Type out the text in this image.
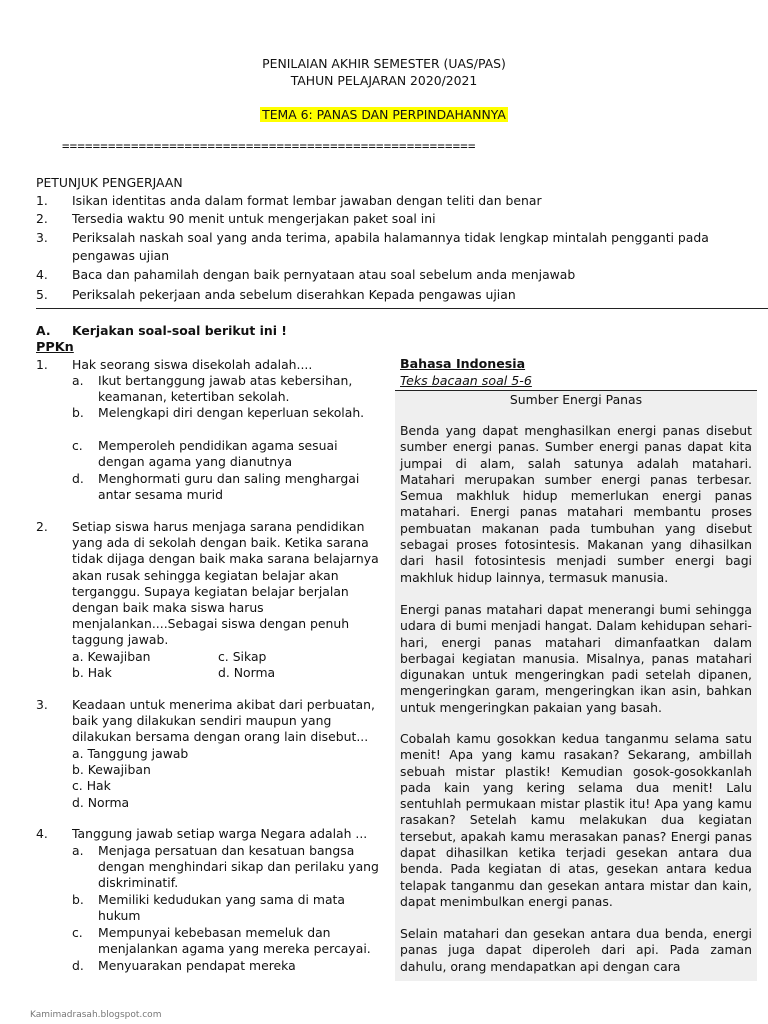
PENILAIAN AKHIR SEMESTER (UAS/PAS)
TAHUN PELAJARAN 2020/2021
TEMA 6: PANAS DAN PERPINDAHANNYA
======================================================
PETUNJUK PENGERJAAN
1. Isikan identitas anda dalam format lembar jawaban dengan teliti dan benar
2. Tersedia waktu 90 menit untuk mengerjakan paket soal ini
3. Periksalah naskah soal yang anda terima, apabila halamannya tidak lengkap mintalah pengganti pada
pengawas ujian
4. Baca dan pahamilah dengan baik pernyataan atau soal sebelum anda menjawab
5. Periksalah pekerjaan anda sebelum diserahkan Kepada pengawas ujian
A. Kerjakan soal-soal berikut ini !
PPKn
1. Hak seorang siswa disekolah adalah....
a. Ikut bertanggung jawab atas kebersihan,
keamanan, ketertiban sekolah.
b. Melengkapi diri dengan keperluan sekolah.
c. Memperoleh pendidikan agama sesuai
dengan agama yang dianutnya
d. Menghormati guru dan saling menghargai
antar sesama murid
2. Setiap siswa harus menjaga sarana pendidikan
yang ada di sekolah dengan baik. Ketika sarana
tidak dijaga dengan baik maka sarana belajarnya
akan rusak sehingga kegiatan belajar akan
terganggu. Supaya kegiatan belajar berjalan
dengan baik maka siswa harus
menjalankan....Sebagai siswa dengan penuh
taggung jawab.
a. Kewajiban	c. Sikap
b. Hak	d. Norma
3. Keadaan untuk menerima akibat dari perbuatan,
baik yang dilakukan sendiri maupun yang
dilakukan bersama dengan orang lain disebut...
a. Tanggung jawab
b. Kewajiban
c. Hak
d. Norma
4. Tanggung jawab setiap warga Negara adalah ...
a. Menjaga persatuan dan kesatuan bangsa
dengan menghindari sikap dan perilaku yang
diskriminatif.
b. Memiliki kedudukan yang sama di mata
hukum
c. Mempunyai kebebasan memeluk dan
menjalankan agama yang mereka percayai.
d. Menyuarakan pendapat mereka
Bahasa Indonesia
Teks bacaan soal 5-6
Sumber Energi Panas
Benda yang dapat menghasilkan energi panas disebut sumber energi panas. Sumber energi panas dapat kita jumpai di alam, salah satunya adalah matahari. Matahari merupakan sumber energi panas terbesar. Semua makhluk hidup memerlukan energi panas matahari. Energi panas matahari membantu proses pembuatan makanan pada tumbuhan yang disebut sebagai proses fotosintesis. Makanan yang dihasilkan dari hasil fotosintesis menjadi sumber energi bagi makhluk hidup lainnya, termasuk manusia.
Energi panas matahari dapat menerangi bumi sehingga udara di bumi menjadi hangat. Dalam kehidupan sehari-hari, energi panas matahari dimanfaatkan dalam berbagai kegiatan manusia. Misalnya, panas matahari digunakan untuk mengeringkan padi setelah dipanen, mengeringkan garam, mengeringkan ikan asin, bahkan untuk mengeringkan pakaian yang basah.
Cobalah kamu gosokkan kedua tanganmu selama satu menit! Apa yang kamu rasakan? Sekarang, ambillah sebuah mistar plastik! Kemudian gosok-gosokkanlah pada kain yang kering selama dua menit! Lalu sentuhlah permukaan mistar plastik itu! Apa yang kamu rasakan? Setelah kamu melakukan dua kegiatan tersebut, apakah kamu merasakan panas? Energi panas dapat dihasilkan ketika terjadi gesekan antara dua benda. Pada kegiatan di atas, gesekan antara kedua telapak tanganmu dan gesekan antara mistar dan kain, dapat menimbulkan energi panas.
Selain matahari dan gesekan antara dua benda, energi panas juga dapat diperoleh dari api. Pada zaman dahulu, orang mendapatkan api dengan cara
Kamimadrasah.blogspot.com
